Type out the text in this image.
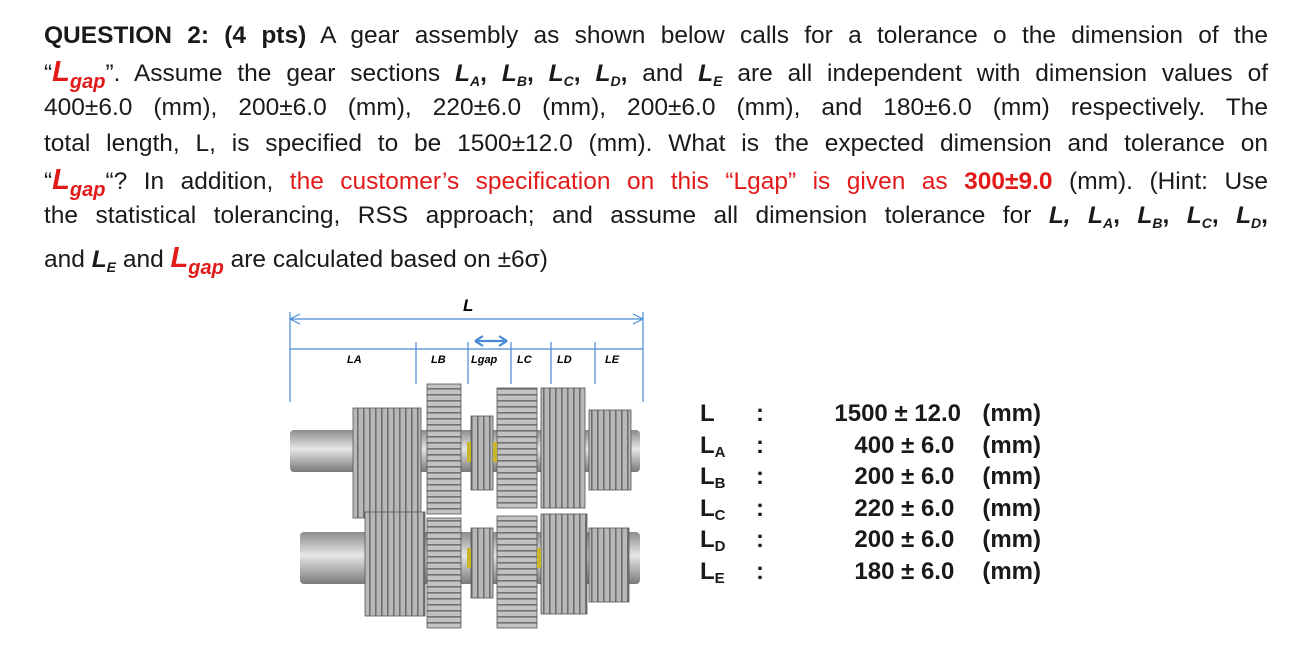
QUESTION 2: (4 pts) A gear assembly as shown below calls for a tolerance o the dimension of the
“$L_{gap}$”. Assume the gear sections $L_A$, $L_B$, $L_C$, $L_D$, and $L_E$ are all independent with dimension values of
400±6.0 (mm), 200±6.0 (mm), 220±6.0 (mm), 200±6.0 (mm), and 180±6.0 (mm) respectively. The
total length, L, is specified to be 1500±12.0 (mm). What is the expected dimension and tolerance on
“$L_{gap}“$? In addition, the customer’s specification on this “Lgap” is given as 300±9.0 (mm). (Hint: Use
the statistical tolerancing, RSS approach; and assume all dimension tolerance for L, $L_A$, $L_B$, $L_C$, $L_D$,
and $L_E$ and $L_{gap}$ are calculated based on ±6σ)
L
LA	LB Lgap LC LD	LE
L	:	1500 ± 12.0 (mm)
$L_A$	:	400 ± 6.0 (mm)
$L_B$	:	200 ± 6.0 (mm)
$L_C$	:	220 ± 6.0 (mm)
$L_D$	:	200 ± 6.0 (mm)
$L_E$	:	180 ± 6.0 (mm)
